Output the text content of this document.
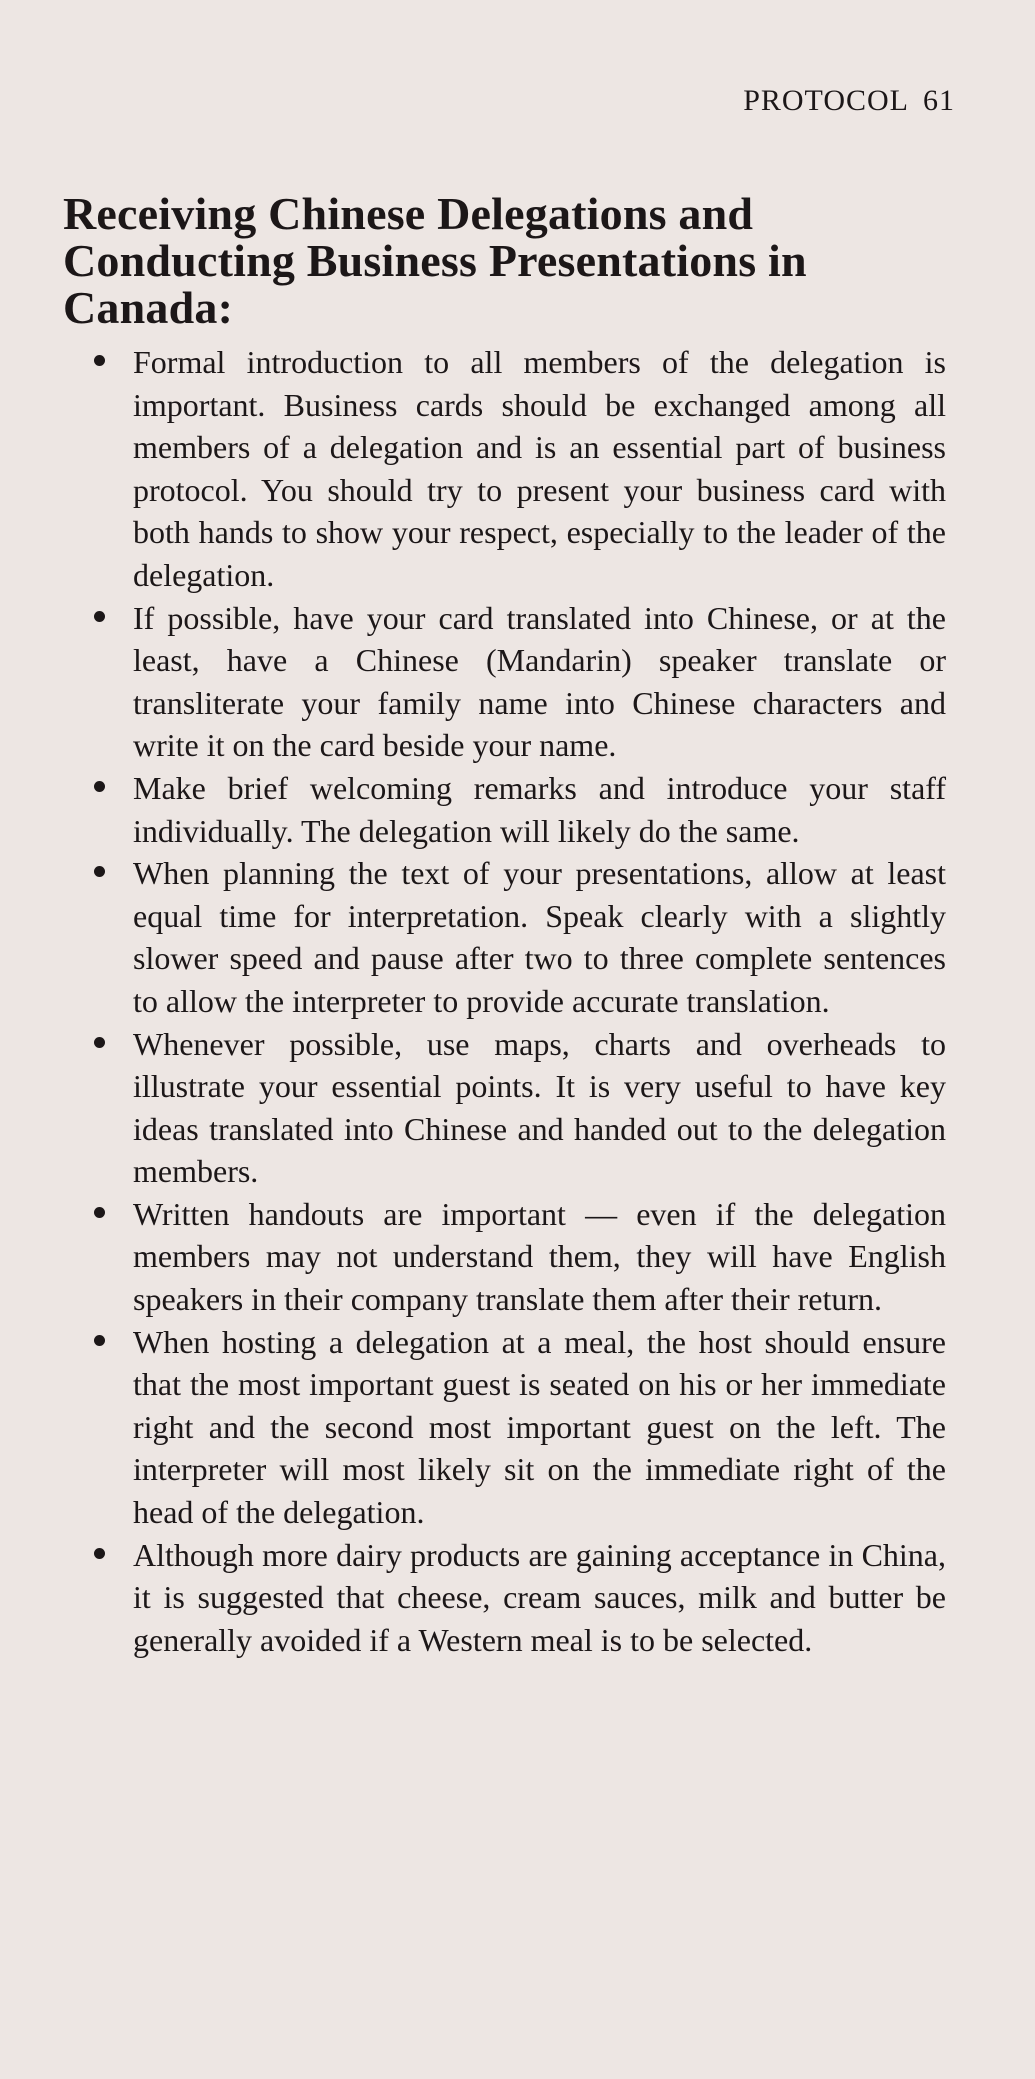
PROTOCOL 61
Receiving Chinese Delegations and Conducting Business Presentations in Canada:
Formal introduction to all members of the delegation is important. Business cards should be exchanged among all members of a delegation and is an essential part of business protocol. You should try to present your business card with both hands to show your respect, especially to the leader of the delegation.
If possible, have your card translated into Chinese, or at the least, have a Chinese (Mandarin) speaker translate or transliterate your family name into Chinese characters and write it on the card beside your name.
Make brief welcoming remarks and introduce your staff individually. The delegation will likely do the same.
When planning the text of your presentations, allow at least equal time for interpretation. Speak clearly with a slightly slower speed and pause after two to three complete sentences to allow the interpreter to provide accurate translation.
Whenever possible, use maps, charts and overheads to illustrate your essential points. It is very useful to have key ideas translated into Chinese and handed out to the delegation members.
Written handouts are important — even if the delegation members may not understand them, they will have English speakers in their company translate them after their return.
When hosting a delegation at a meal, the host should ensure that the most important guest is seated on his or her immediate right and the second most important guest on the left. The interpreter will most likely sit on the immediate right of the head of the delegation.
Although more dairy products are gaining acceptance in China, it is suggested that cheese, cream sauces, milk and butter be generally avoided if a Western meal is to be selected.
